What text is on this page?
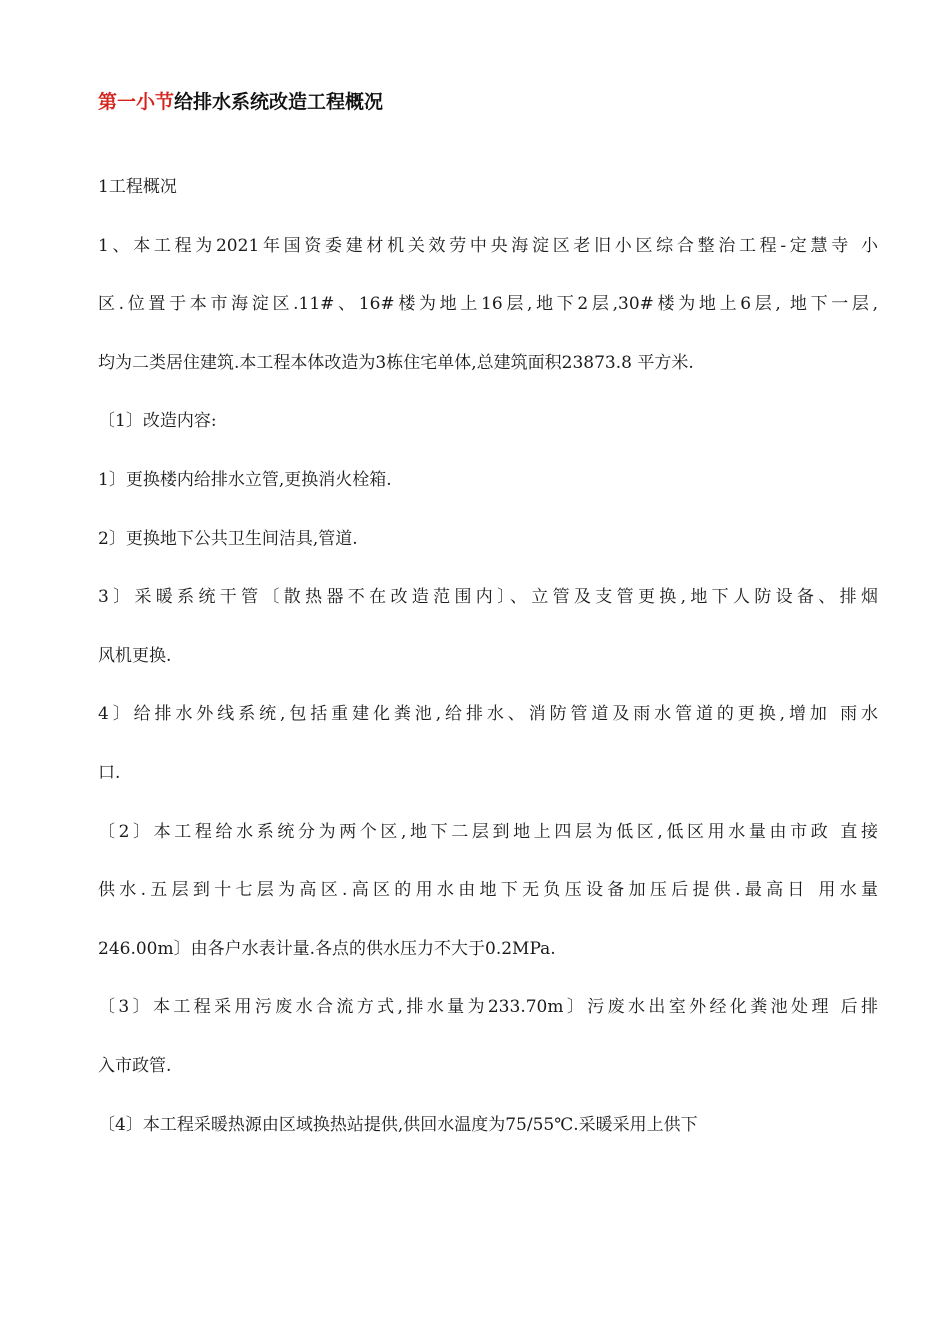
第一小节给排水系统改造工程概况
1工程概况
1、本工程为2021年国资委建材机关效劳中央海淀区老旧小区综合整治工程-定慧寺 小
区.位置于本市海淀区.11#、16#楼为地上16层,地下2层,30#楼为地上6层, 地下一层,
均为二类居住建筑.本工程本体改造为3栋住宅单体,总建筑面积23873.8 平方米.
〔1〕改造内容:
1〕更换楼内给排水立管,更换消火栓箱.
2〕更换地下公共卫生间洁具,管道.
3〕采暖系统干管〔散热器不在改造范围内〕、立管及支管更换,地下人防设备、排烟
风机更换.
4〕给排水外线系统,包括重建化粪池,给排水、消防管道及雨水管道的更换,增加 雨水
口.
〔2〕本工程给水系统分为两个区,地下二层到地上四层为低区,低区用水量由市政 直接
供水.五层到十七层为高区.高区的用水由地下无负压设备加压后提供.最高日 用水量
246.00m〕由各户水表计量.各点的供水压力不大于0.2MPa.
〔3〕本工程采用污废水合流方式,排水量为233.70m〕污废水出室外经化粪池处理 后排
入市政管.
〔4〕本工程采暖热源由区域换热站提供,供回水温度为75/55℃.采暖采用上供下
